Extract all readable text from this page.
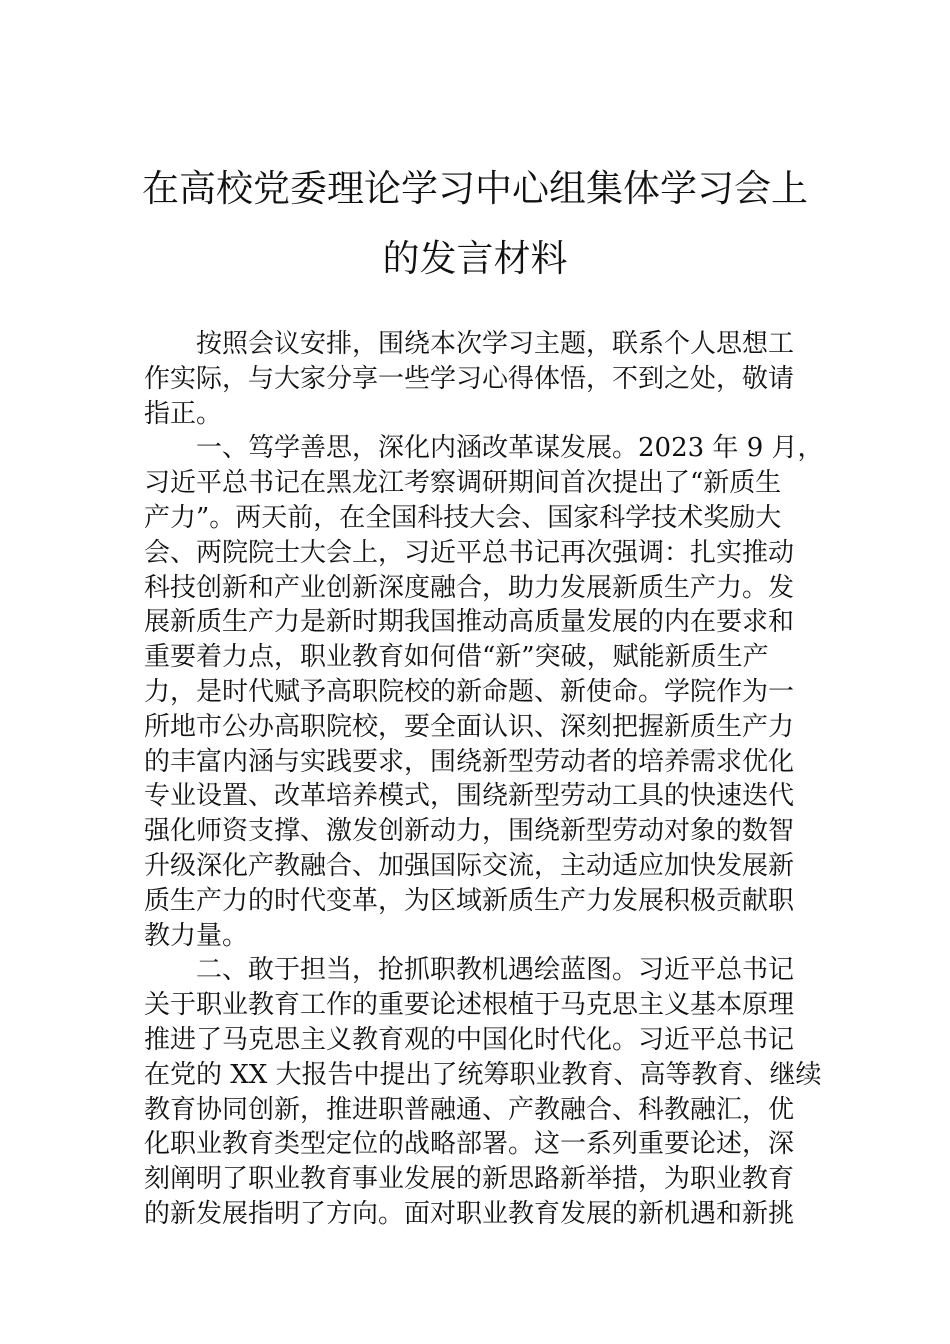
在高校党委理论学习中心组集体学习会上
的发言材料
按照会议安排，围绕本次学习主题，联系个人思想工
作实际，与大家分享一些学习心得体悟，不到之处，敬请
指正。
一、笃学善思，深化内涵改革谋发展。2023 年 9 月，
习近平总书记在黑龙江考察调研期间首次提出了“新质生
产力”。两天前，在全国科技大会、国家科学技术奖励大
会、两院院士大会上，习近平总书记再次强调：扎实推动
科技创新和产业创新深度融合，助力发展新质生产力。发
展新质生产力是新时期我国推动高质量发展的内在要求和
重要着力点，职业教育如何借“新”突破，赋能新质生产
力，是时代赋予高职院校的新命题、新使命。学院作为一
所地市公办高职院校，要全面认识、深刻把握新质生产力
的丰富内涵与实践要求，围绕新型劳动者的培养需求优化
专业设置、改革培养模式，围绕新型劳动工具的快速迭代
强化师资支撑、激发创新动力，围绕新型劳动对象的数智
升级深化产教融合、加强国际交流，主动适应加快发展新
质生产力的时代变革，为区域新质生产力发展积极贡献职
教力量。
二、敢于担当，抢抓职教机遇绘蓝图。习近平总书记
关于职业教育工作的重要论述根植于马克思主义基本原理
推进了马克思主义教育观的中国化时代化。习近平总书记
在党的 XX 大报告中提出了统筹职业教育、高等教育、继续
教育协同创新，推进职普融通、产教融合、科教融汇，优
化职业教育类型定位的战略部署。这一系列重要论述，深
刻阐明了职业教育事业发展的新思路新举措，为职业教育
的新发展指明了方向。面对职业教育发展的新机遇和新挑
